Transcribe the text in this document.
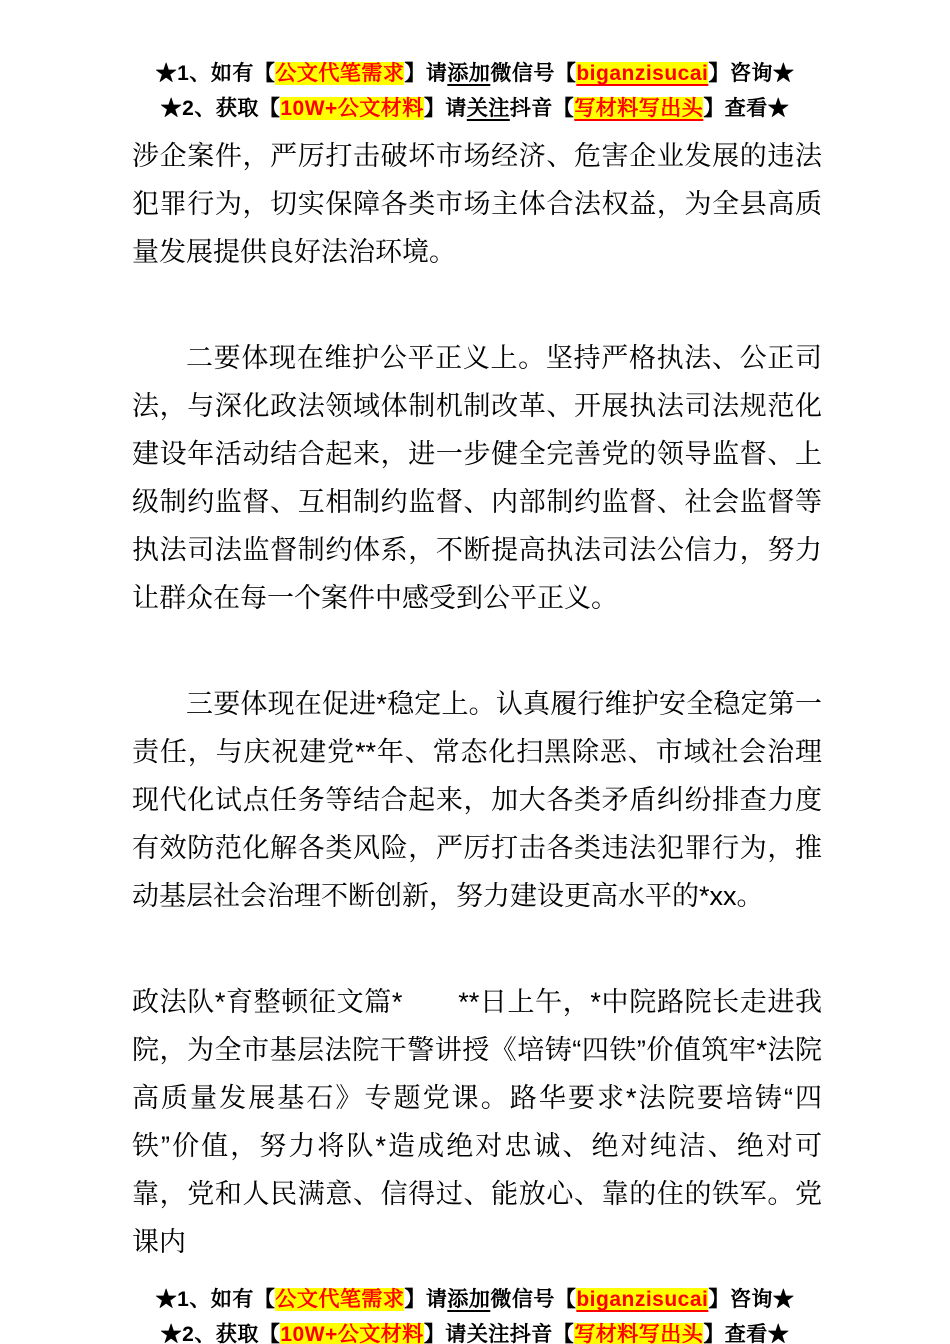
★1、如有【公文代笔需求】请添加微信号【biganzisucai】咨询★
★2、获取【10W+公文材料】请关注抖音【写材料写出头】查看★

涉企案件，严厉打击破坏市场经济、危害企业发展的违法犯罪行为，切实保障各类市场主体合法权益，为全县高质量发展提供良好法治环境。

二要体现在维护公平正义上。坚持严格执法、公正司法，与深化政法领域体制机制改革、开展执法司法规范化建设年活动结合起来，进一步健全完善党的领导监督、上级制约监督、互相制约监督、内部制约监督、社会监督等执法司法监督制约体系，不断提高执法司法公信力，努力让群众在每一个案件中感受到公平正义。

三要体现在促进*稳定上。认真履行维护安全稳定第一责任，与庆祝建党**年、常态化扫黑除恶、市域社会治理现代化试点任务等结合起来，加大各类矛盾纠纷排查力度有效防范化解各类风险，严厉打击各类违法犯罪行为，推动基层社会治理不断创新，努力建设更高水平的*xx。

政法队*育整顿征文篇*　　**日上午，*中院路院长走进我院，为全市基层法院干警讲授《培铸“四铁”价值筑牢*法院高质量发展基石》专题党课。路华要求*法院要培铸“四铁”价值，努力将队*造成绝对忠诚、绝对纯洁、绝对可靠，党和人民满意、信得过、能放心、靠的住的铁军。党课内

★1、如有【公文代笔需求】请添加微信号【biganzisucai】咨询★
★2、获取【10W+公文材料】请关注抖音【写材料写出头】查看★
